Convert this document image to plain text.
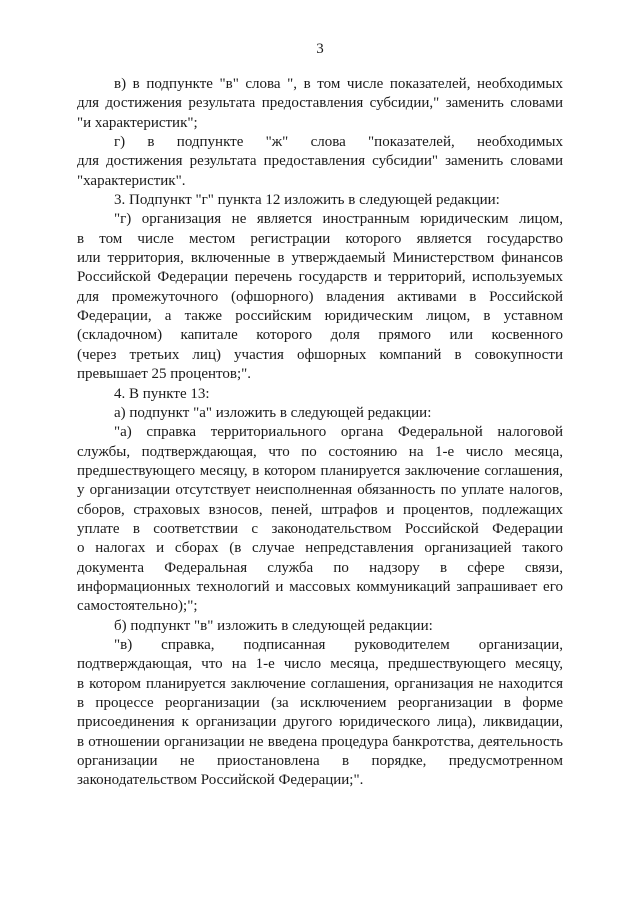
3
в) в подпункте "в" слова ", в том числе показателей, необходимых
для достижения результата предоставления субсидии," заменить словами
"и характеристик";
г) в подпункте "ж" слова "показателей, необходимых
для достижения результата предоставления субсидии" заменить словами
"характеристик".
3. Подпункт "г" пункта 12 изложить в следующей редакции:
"г) организация не является иностранным юридическим лицом,
в том числе местом регистрации которого является государство
или территория, включенные в утверждаемый Министерством финансов
Российской Федерации перечень государств и территорий, используемых
для промежуточного (офшорного) владения активами в Российской
Федерации, а также российским юридическим лицом, в уставном
(складочном) капитале которого доля прямого или косвенного
(через третьих лиц) участия офшорных компаний в совокупности
превышает 25 процентов;".
4. В пункте 13:
а) подпункт "а" изложить в следующей редакции:
"а) справка территориального органа Федеральной налоговой
службы, подтверждающая, что по состоянию на 1-е число месяца,
предшествующего месяцу, в котором планируется заключение соглашения,
у организации отсутствует неисполненная обязанность по уплате налогов,
сборов, страховых взносов, пеней, штрафов и процентов, подлежащих
уплате в соответствии с законодательством Российской Федерации
о налогах и сборах (в случае непредставления организацией такого
документа Федеральная служба по надзору в сфере связи,
информационных технологий и массовых коммуникаций запрашивает его
самостоятельно);";
б) подпункт "в" изложить в следующей редакции:
"в) справка, подписанная руководителем организации,
подтверждающая, что на 1-е число месяца, предшествующего месяцу,
в котором планируется заключение соглашения, организация не находится
в процессе реорганизации (за исключением реорганизации в форме
присоединения к организации другого юридического лица), ликвидации,
в отношении организации не введена процедура банкротства, деятельность
организации не приостановлена в порядке, предусмотренном
законодательством Российской Федерации;".
